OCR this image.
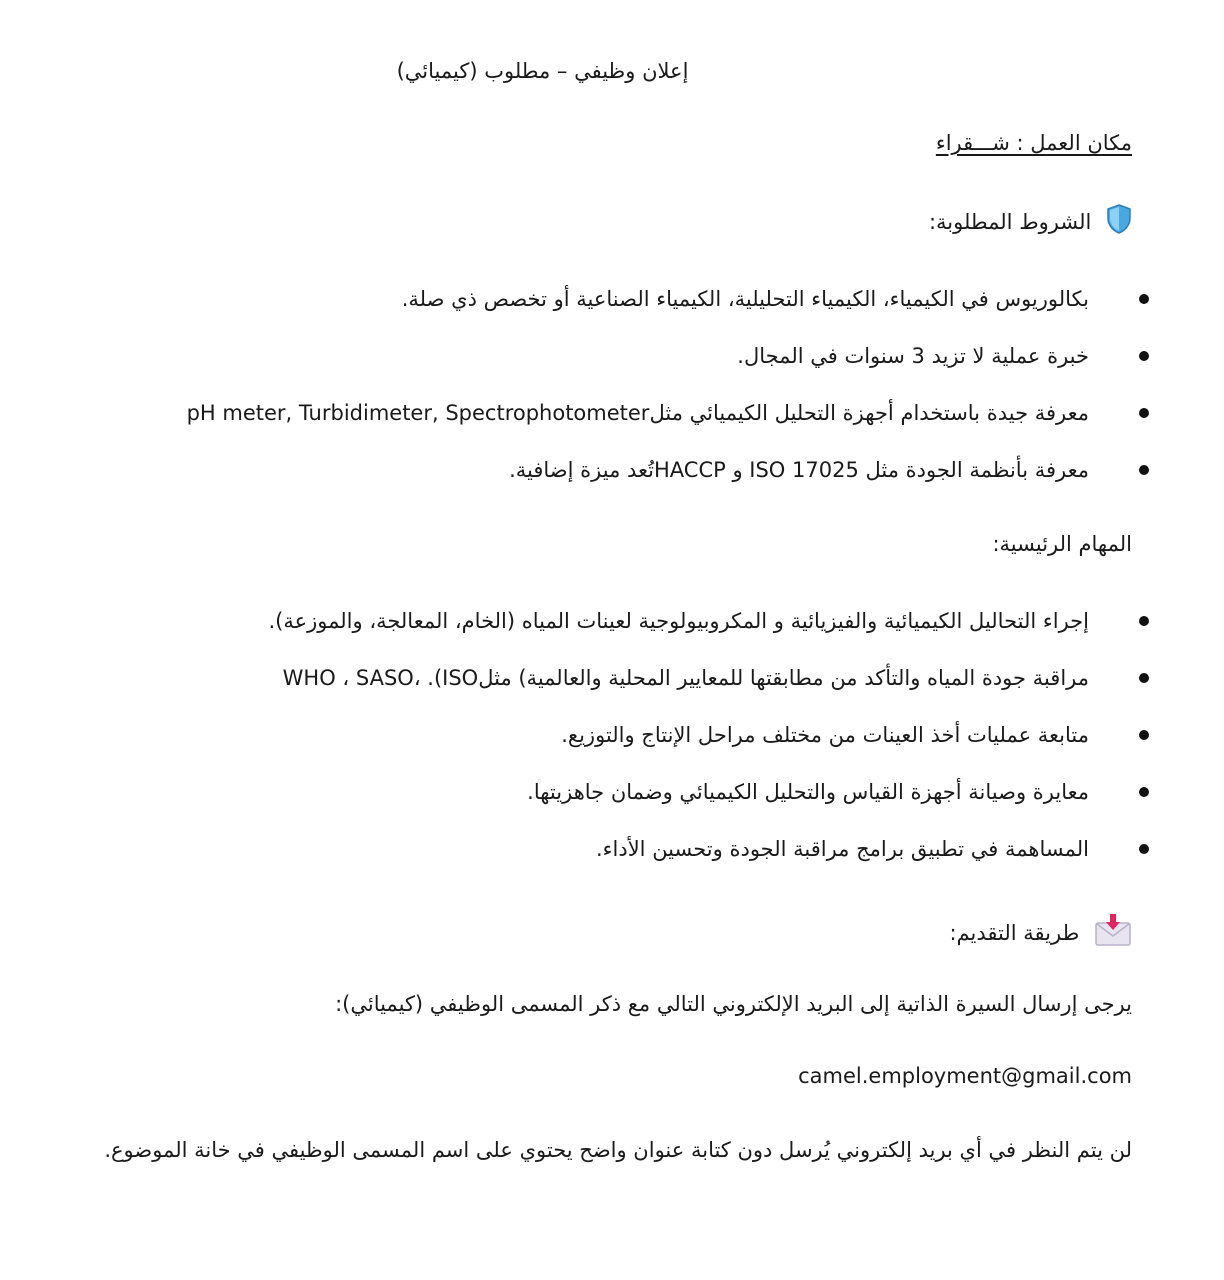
إعلان وظيفي – مطلوب (كيميائي)
مكان العمل : شـــقراء
الشروط المطلوبة:
بكالوريوس في الكيمياء، الكيمياء التحليلية، الكيمياء الصناعية أو تخصص ذي صلة.
خبرة عملية لا تزيد 3 سنوات في المجال.
معرفة جيدة باستخدام أجهزة التحليل الكيميائي مثلpH meter, Turbidimeter, Spectrophotometer
معرفة بأنظمة الجودة مثل ISO 17025 و HACCPتُعد ميزة إضافية.
المهام الرئيسية:
إجراء التحاليل الكيميائية والفيزيائية و المكروبيولوجية لعينات المياه (الخام، المعالجة، والموزعة).
مراقبة جودة المياه والتأكد من مطابقتها للمعايير المحلية والعالمية) مثلWHO ، SASO، .(ISO
متابعة عمليات أخذ العينات من مختلف مراحل الإنتاج والتوزيع.
معايرة وصيانة أجهزة القياس والتحليل الكيميائي وضمان جاهزيتها.
المساهمة في تطبيق برامج مراقبة الجودة وتحسين الأداء.
طريقة التقديم:
يرجى إرسال السيرة الذاتية إلى البريد الإلكتروني التالي مع ذكر المسمى الوظيفي (كيميائي):
camel.employment@gmail.com
لن يتم النظر في أي بريد إلكتروني يُرسل دون كتابة عنوان واضح يحتوي على اسم المسمى الوظيفي في خانة الموضوع.
